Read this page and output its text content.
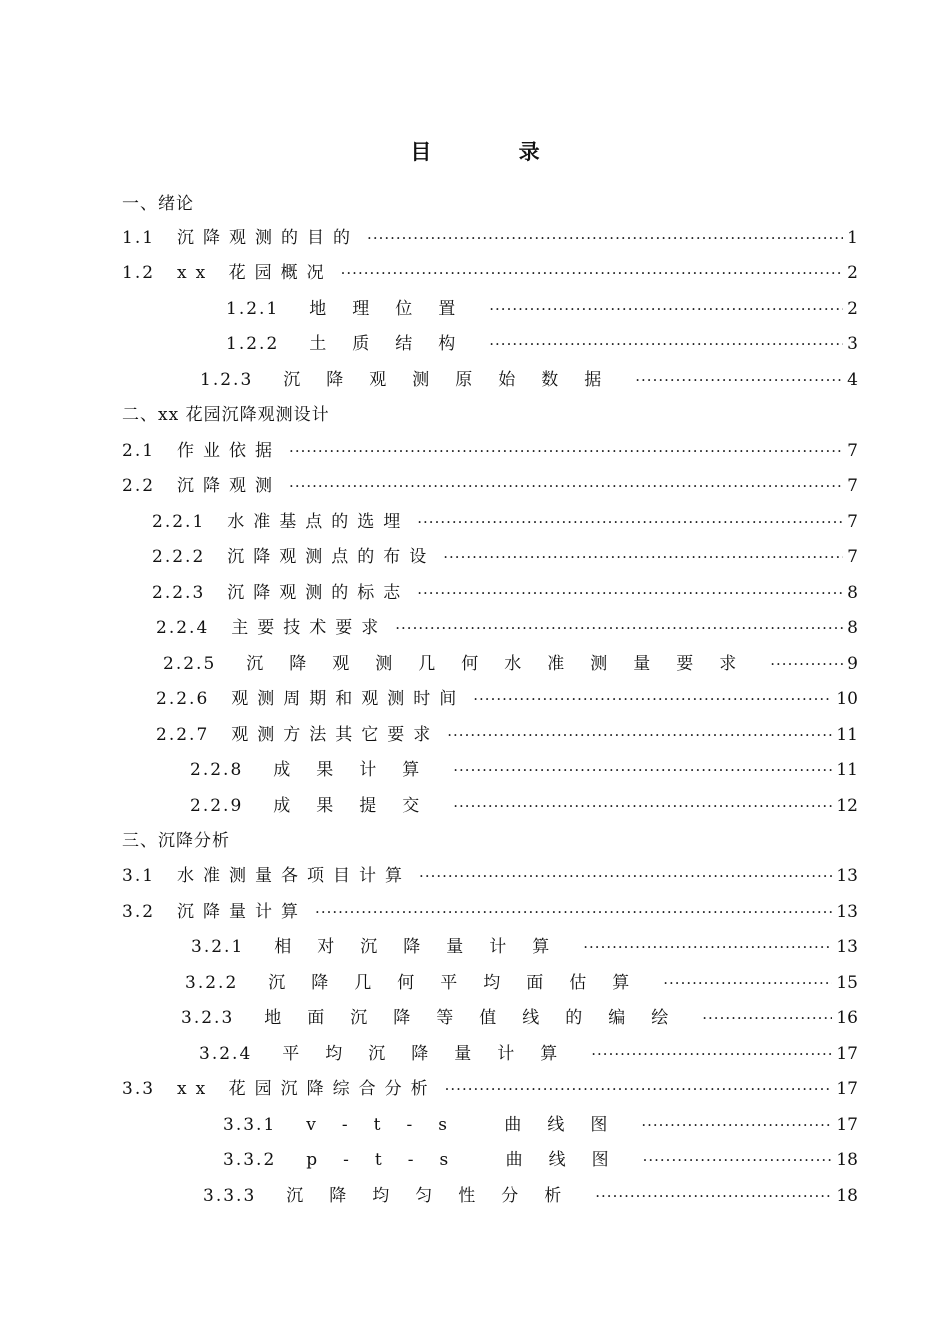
目 录
一、绪论
1.1 沉降观测的目的 ·····	1
1.2 xx 花园概况 ·····	2
1.2.1 地理位置 ·····	2
1.2.2 土质结构 ·····	3
1.2.3 沉降观测原始数据 ·····	4
二、xx 花园沉降观测设计
2.1 作业依据 ·····	7
2.2 沉降观测 ·····	7
2.2.1 水准基点的选埋 ·····	7
2.2.2 沉降观测点的布设 ·····	7
2.2.3 沉降观测的标志 ·····	8
2.2.4 主要技术要求 ·····	8
2.2.5 沉降观测几何水准测量要求 ·····	9
2.2.6 观测周期和观测时间 ·····	10
2.2.7 观测方法其它要求 ·····	11
2.2.8 成果计算 ·····	11
2.2.9 成果提交 ·····	12
三、沉降分析
3.1 水准测量各项目计算 ·····	13
3.2 沉降量计算 ·····	13
3.2.1 相对沉降量计算 ·····	13
3.2.2 沉降几何平均面估算 ·····	15
3.2.3 地面沉降等值线的编绘 ·····	16
3.2.4 平均沉降量计算 ·····	17
3.3 xx 花园沉降综合分析 ·····	17
3.3.1 v-t-s 曲线图 ·····	17
3.3.2 p-t-s 曲线图 ·····	18
3.3.3 沉降均匀性分析 ·····	18
